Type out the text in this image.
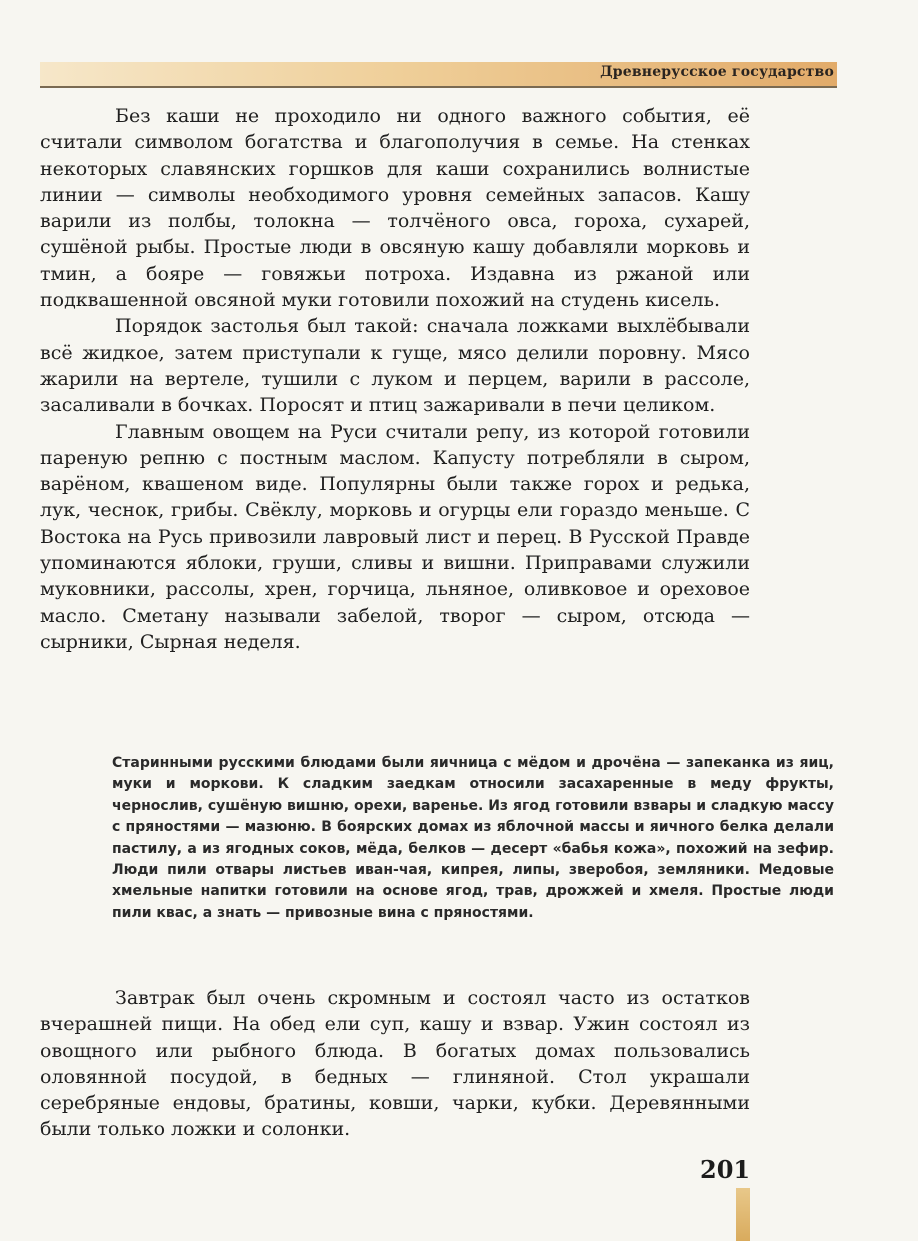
Древнерусское государство

Без каши не проходило ни одного важного события, её считали символом богатства и благополучия в семье. На стенках некоторых славянских горшков для каши сохранились волнистые линии — символы необходимого уровня семейных запасов. Кашу варили из полбы, толокна — толчёного овса, гороха, сухарей, сушёной рыбы. Простые люди в овсяную кашу добавляли морковь и тмин, а бояре — говяжьи потроха. Издавна из ржаной или подквашенной овсяной муки готовили похожий на студень кисель.

Порядок застолья был такой: сначала ложками выхлёбывали всё жидкое, затем приступали к гуще, мясо делили поровну. Мясо жарили на вертеле, тушили с луком и перцем, варили в рассоле, засаливали в бочках. Поросят и птиц зажаривали в печи целиком.

Главным овощем на Руси считали репу, из которой готовили пареную репню с постным маслом. Капусту потребляли в сыром, варёном, квашеном виде. Популярны были также горох и редька, лук, чеснок, грибы. Свёклу, морковь и огурцы ели гораздо меньше. С Востока на Русь привозили лавровый лист и перец. В Русской Правде упоминаются яблоки, груши, сливы и вишни. Приправами служили муковники, рассолы, хрен, горчица, льняное, оливковое и ореховое масло. Сметану называли забелой, творог — сыром, отсюда — сырники, Сырная неделя.

Старинными русскими блюдами были яичница с мёдом и дрочёна — запеканка из яиц, муки и моркови. К сладким заедкам относили засахаренные в меду фрукты, чернослив, сушёную вишню, орехи, варенье. Из ягод готовили взвары и сладкую массу с пряностями — мазюню. В боярских домах из яблочной массы и яичного белка делали пастилу, а из ягодных соков, мёда, белков — десерт «бабья кожа», похожий на зефир. Люди пили отвары листьев иван-чая, кипрея, липы, зверобоя, земляники. Медовые хмельные напитки готовили на основе ягод, трав, дрожжей и хмеля. Простые люди пили квас, а знать — привозные вина с пряностями.

Завтрак был очень скромным и состоял часто из остатков вчерашней пищи. На обед ели суп, кашу и взвар. Ужин состоял из овощного или рыбного блюда. В богатых домах пользовались оловянной посудой, в бедных — глиняной. Стол украшали серебряные ендовы, братины, ковши, чарки, кубки. Деревянными были только ложки и солонки.

201
